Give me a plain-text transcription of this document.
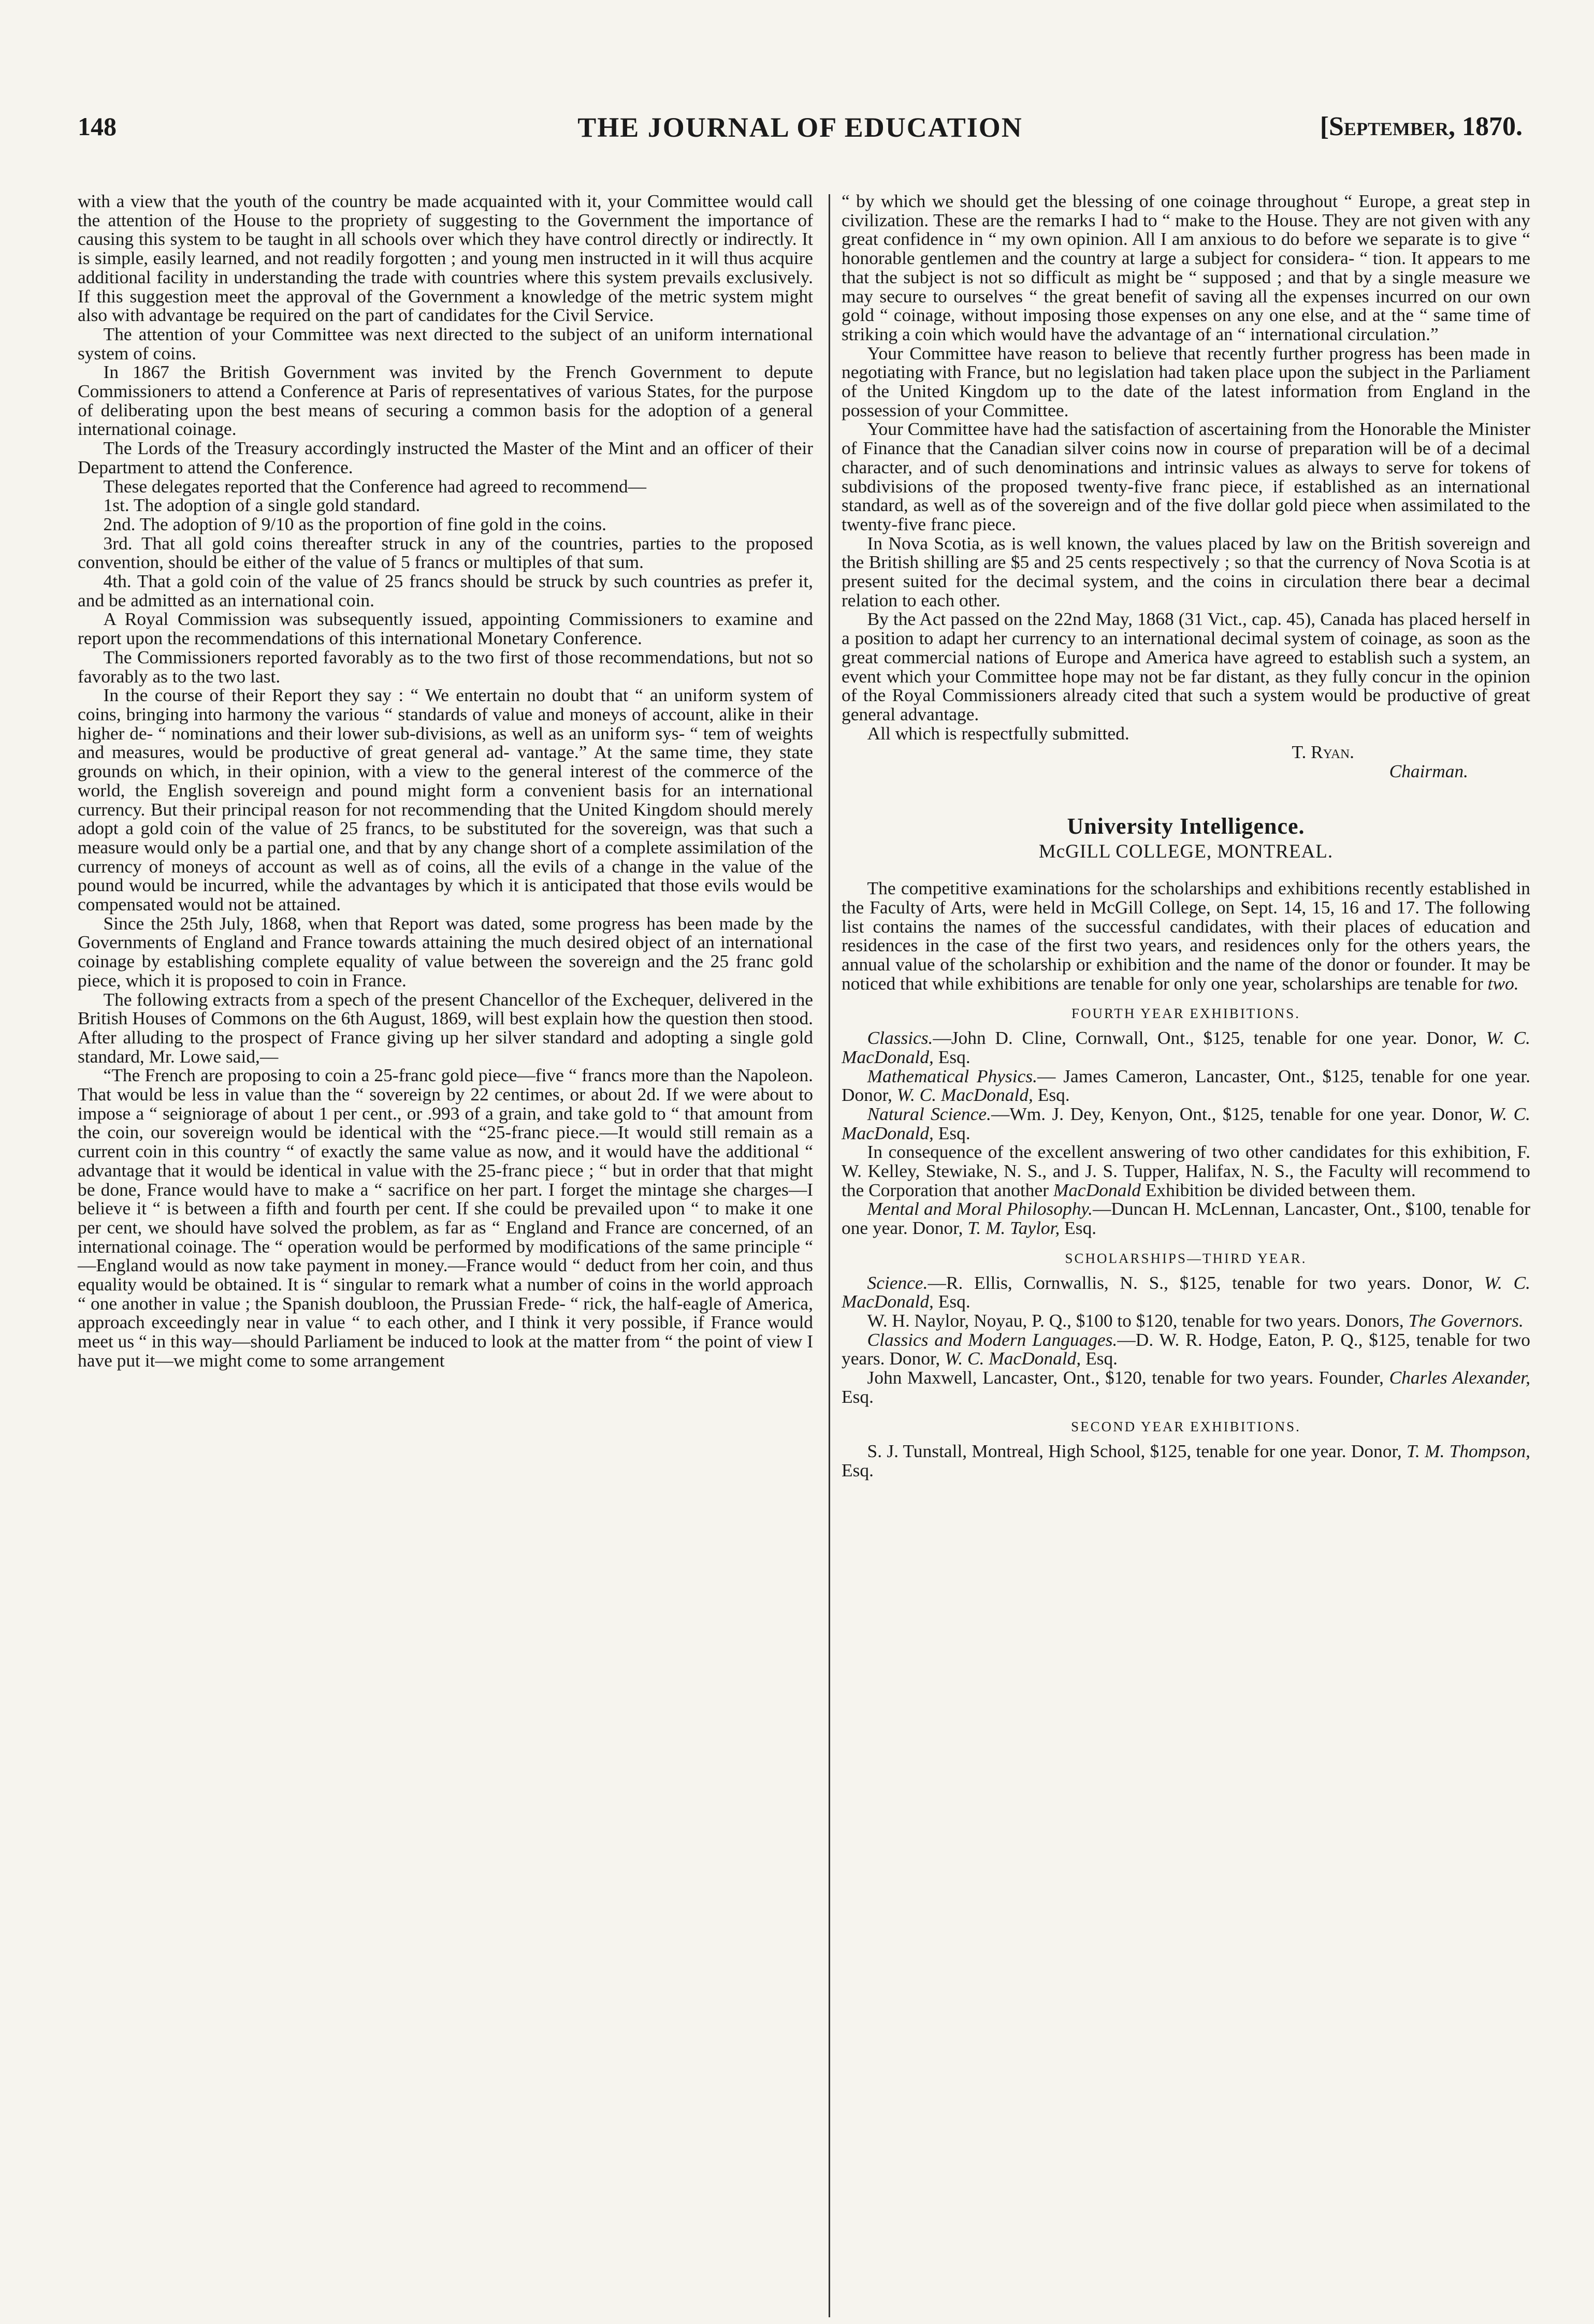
148	THE JOURNAL OF EDUCATION	[September, 1870.

with a view that the youth of the country be made acquainted with it, your Committee would call the attention of the House to the propriety of suggesting to the Government the importance of causing this system to be taught in all schools over which they have control directly or indirectly. It is simple, easily learned, and not readily forgotten ; and young men instructed in it will thus acquire additional facility in understanding the trade with countries where this system prevails exclusively. If this suggestion meet the approval of the Government a knowledge of the metric system might also with advantage be required on the part of candidates for the Civil Service.

The attention of your Committee was next directed to the subject of an uniform international system of coins.

In 1867 the British Government was invited by the French Government to depute Commissioners to attend a Conference at Paris of representatives of various States, for the purpose of deliberating upon the best means of securing a common basis for the adoption of a general international coinage.

The Lords of the Treasury accordingly instructed the Master of the Mint and an officer of their Department to attend the Conference.

These delegates reported that the Conference had agreed to recommend—

1st. The adoption of a single gold standard.

2nd. The adoption of 9/10 as the proportion of fine gold in the coins.

3rd. That all gold coins thereafter struck in any of the countries, parties to the proposed convention, should be either of the value of 5 francs or multiples of that sum.

4th. That a gold coin of the value of 25 francs should be struck by such countries as prefer it, and be admitted as an international coin.

A Royal Commission was subsequently issued, appointing Commissioners to examine and report upon the recommendations of this international Monetary Conference.

The Commissioners reported favorably as to the two first of those recommendations, but not so favorably as to the two last.

In the course of their Report they say : “ We entertain no doubt that “ an uniform system of coins, bringing into harmony the various “ standards of value and moneys of account, alike in their higher de- “ nominations and their lower sub-divisions, as well as an uniform sys- “ tem of weights and measures, would be productive of great general ad- vantage.” At the same time, they state grounds on which, in their opinion, with a view to the general interest of the commerce of the world, the English sovereign and pound might form a convenient basis for an international currency. But their principal reason for not recommending that the United Kingdom should merely adopt a gold coin of the value of 25 francs, to be substituted for the sovereign, was that such a measure would only be a partial one, and that by any change short of a complete assimilation of the currency of moneys of account as well as of coins, all the evils of a change in the value of the pound would be incurred, while the advantages by which it is anticipated that those evils would be compensated would not be attained.

Since the 25th July, 1868, when that Report was dated, some progress has been made by the Governments of England and France towards attaining the much desired object of an international coinage by establishing complete equality of value between the sovereign and the 25 franc gold piece, which it is proposed to coin in France.

The following extracts from a spech of the present Chancellor of the Exchequer, delivered in the British Houses of Commons on the 6th August, 1869, will best explain how the question then stood. After alluding to the prospect of France giving up her silver standard and adopting a single gold standard, Mr. Lowe said,—

“The French are proposing to coin a 25-franc gold piece—five “ francs more than the Napoleon. That would be less in value than the “ sovereign by 22 centimes, or about 2d. If we were about to impose a “ seigniorage of about 1 per cent., or .993 of a grain, and take gold to “ that amount from the coin, our sovereign would be identical with the “25-franc piece.—It would still remain as a current coin in this country “ of exactly the same value as now, and it would have the additional “ advantage that it would be identical in value with the 25-franc piece ; “ but in order that that might be done, France would have to make a “ sacrifice on her part. I forget the mintage she charges—I believe it “ is between a fifth and fourth per cent. If she could be prevailed upon “ to make it one per cent, we should have solved the problem, as far as “ England and France are concerned, of an international coinage. The “ operation would be performed by modifications of the same principle “ —England would as now take payment in money.—France would “ deduct from her coin, and thus equality would be obtained. It is “ singular to remark what a number of coins in the world approach “ one another in value ; the Spanish doubloon, the Prussian Frede- “ rick, the half-eagle of America, approach exceedingly near in value “ to each other, and I think it very possible, if France would meet us “ in this way—should Parliament be induced to look at the matter from “ the point of view I have put it—we might come to some arrangement

“ by which we should get the blessing of one coinage throughout “ Europe, a great step in civilization. These are the remarks I had to “ make to the House. They are not given with any great confidence in “ my own opinion. All I am anxious to do before we separate is to give “ honorable gentlemen and the country at large a subject for considera- “ tion. It appears to me that the subject is not so difficult as might be “ supposed ; and that by a single measure we may secure to ourselves “ the great benefit of saving all the expenses incurred on our own gold “ coinage, without imposing those expenses on any one else, and at the “ same time of striking a coin which would have the advantage of an “ international circulation.”

Your Committee have reason to believe that recently further progress has been made in negotiating with France, but no legislation had taken place upon the subject in the Parliament of the United Kingdom up to the date of the latest information from England in the possession of your Committee.

Your Committee have had the satisfaction of ascertaining from the Honorable the Minister of Finance that the Canadian silver coins now in course of preparation will be of a decimal character, and of such denominations and intrinsic values as always to serve for tokens of subdivisions of the proposed twenty-five franc piece, if established as an international standard, as well as of the sovereign and of the five dollar gold piece when assimilated to the twenty-five franc piece.

In Nova Scotia, as is well known, the values placed by law on the British sovereign and the British shilling are $5 and 25 cents respectively ; so that the currency of Nova Scotia is at present suited for the decimal system, and the coins in circulation there bear a decimal relation to each other.

By the Act passed on the 22nd May, 1868 (31 Vict., cap. 45), Canada has placed herself in a position to adapt her currency to an international decimal system of coinage, as soon as the great commercial nations of Europe and America have agreed to establish such a system, an event which your Committee hope may not be far distant, as they fully concur in the opinion of the Royal Commissioners already cited that such a system would be productive of great general advantage.

All which is respectfully submitted.

T. Ryan.

Chairman.

University Intelligence.

McGILL COLLEGE, MONTREAL.

The competitive examinations for the scholarships and exhibitions recently established in the Faculty of Arts, were held in McGill College, on Sept. 14, 15, 16 and 17. The following list contains the names of the successful candidates, with their places of education and residences in the case of the first two years, and residences only for the others years, the annual value of the scholarship or exhibition and the name of the donor or founder. It may be noticed that while exhibitions are tenable for only one year, scholarships are tenable for two.

FOURTH YEAR EXHIBITIONS.

Classics.—John D. Cline, Cornwall, Ont., $125, tenable for one year. Donor, W. C. MacDonald, Esq.

Mathematical Physics.— James Cameron, Lancaster, Ont., $125, tenable for one year. Donor, W. C. MacDonald, Esq.

Natural Science.—Wm. J. Dey, Kenyon, Ont., $125, tenable for one year. Donor, W. C. MacDonald, Esq.

In consequence of the excellent answering of two other candidates for this exhibition, F. W. Kelley, Stewiake, N. S., and J. S. Tupper, Halifax, N. S., the Faculty will recommend to the Corporation that another MacDonald Exhibition be divided between them.

Mental and Moral Philosophy.—Duncan H. McLennan, Lancaster, Ont., $100, tenable for one year. Donor, T. M. Taylor, Esq.

SCHOLARSHIPS—THIRD YEAR.

Science.—R. Ellis, Cornwallis, N. S., $125, tenable for two years. Donor, W. C. MacDonald, Esq.

W. H. Naylor, Noyau, P. Q., $100 to $120, tenable for two years. Donors, The Governors.

Classics and Modern Languages.—D. W. R. Hodge, Eaton, P. Q., $125, tenable for two years. Donor, W. C. MacDonald, Esq.

John Maxwell, Lancaster, Ont., $120, tenable for two years. Founder, Charles Alexander, Esq.

SECOND YEAR EXHIBITIONS.

S. J. Tunstall, Montreal, High School, $125, tenable for one year. Donor, T. M. Thompson, Esq.
